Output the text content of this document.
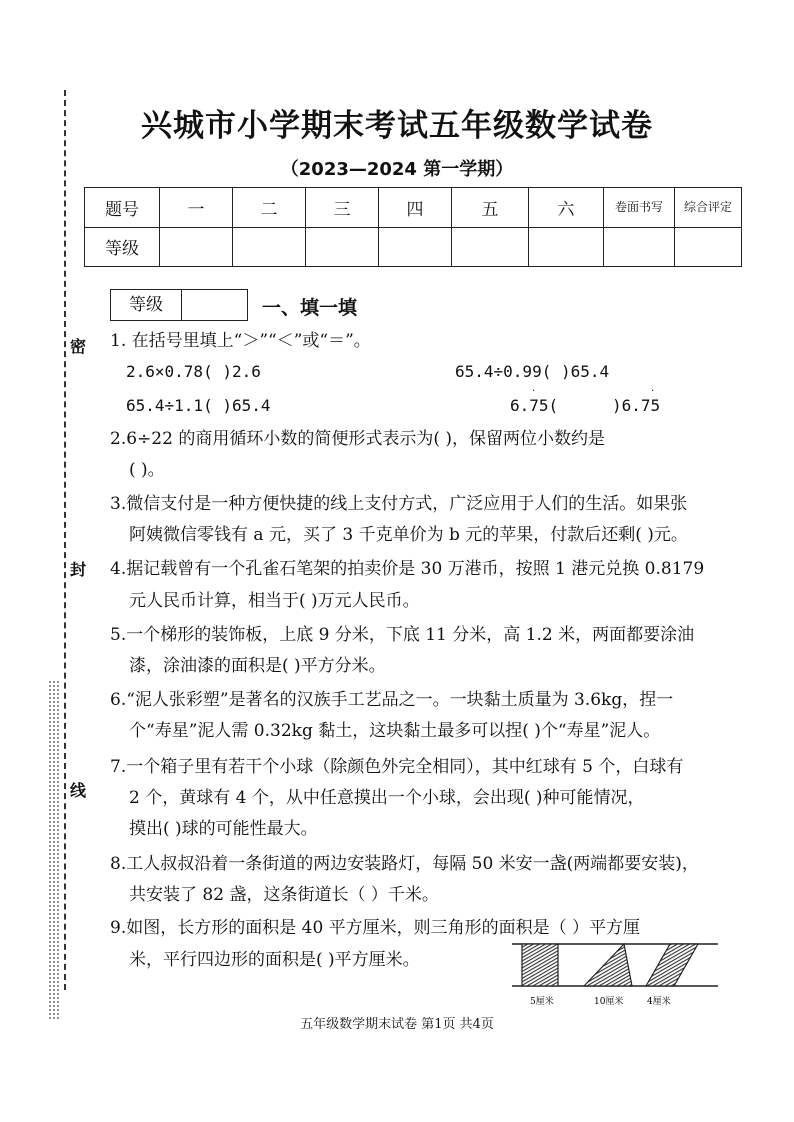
密
封
线
兴城市小学期末考试五年级数学试卷
（2023—2024 第一学期）
题号	一	二	三	四	五	六	卷面书写	综合评定
等级								
等级	一、填一填
1. 在括号里填上“＞”“＜”或“＝”。
2.6×0.78( )2.6	65.4÷0.99( )65.4
65.4÷1.1( )65.4	6.75(	)6.75
·	·
2.6÷22 的商用循环小数的简便形式表示为( )，保留两位小数约是
( )。
3.微信支付是一种方便快捷的线上支付方式，广泛应用于人们的生活。如果张
阿姨微信零钱有 a 元，买了 3 千克单价为 b 元的苹果，付款后还剩( )元。
4.据记载曾有一个孔雀石笔架的拍卖价是 30 万港币，按照 1 港元兑换 0.8179
元人民币计算，相当于( )万元人民币。
5.一个梯形的装饰板，上底 9 分米，下底 11 分米，高 1.2 米，两面都要涂油
漆，涂油漆的面积是( )平方分米。
6.“泥人张彩塑”是著名的汉族手工艺品之一。一块黏土质量为 3.6kg，捏一
个“寿星”泥人需 0.32kg 黏土，这块黏土最多可以捏( )个“寿星”泥人。
7.一个箱子里有若干个小球（除颜色外完全相同），其中红球有 5 个，白球有
2 个，黄球有 4 个，从中任意摸出一个小球，会出现( )种可能情况，
摸出( )球的可能性最大。
8.工人叔叔沿着一条街道的两边安装路灯，每隔 50 米安一盏(两端都要安装)，
共安装了 82 盏，这条街道长（ ）千米。
9.如图，长方形的面积是 40 平方厘米，则三角形的面积是（ ）平方厘
米，平行四边形的面积是( )平方厘米。
5厘米	10厘米	4厘米
五年级数学期末试卷 第1页 共4页
